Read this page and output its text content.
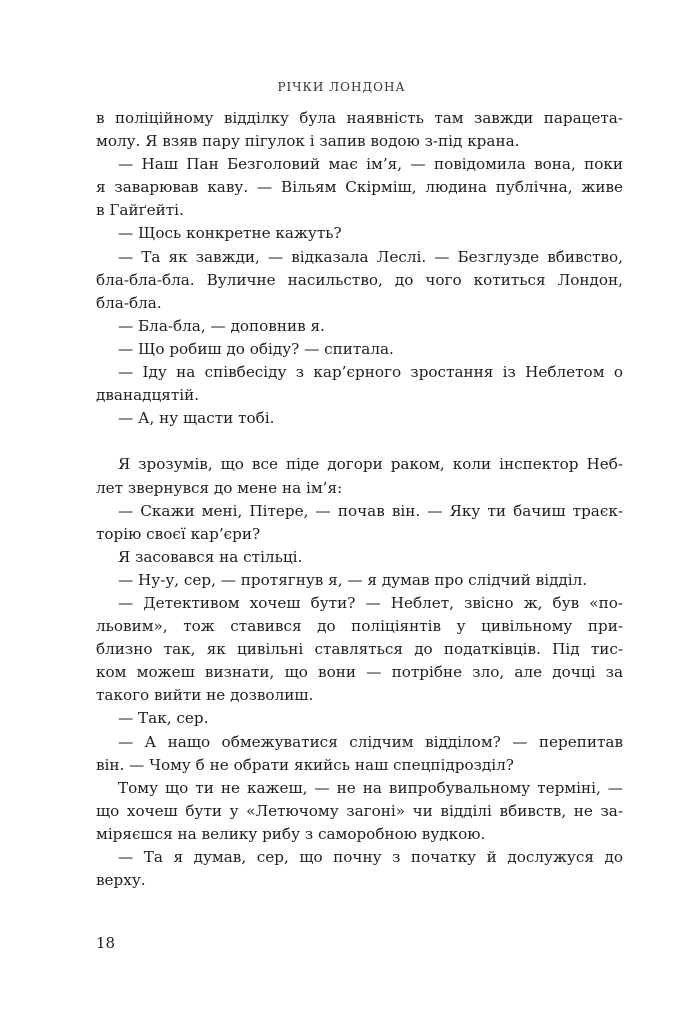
РІЧКИ ЛОНДОНА
в поліційному відділку була наявність там завжди парацета-
молу. Я взяв пару пігулок і запив водою з-під крана.
— Наш Пан Безголовий має ім’я, — повідомила вона, поки
я заварював каву. — Вільям Скірміш, людина публічна, живе
в Гайґейті.
— Щось конкретне кажуть?
— Та як завжди, — відказала Леслі. — Безглузде вбивство,
бла-бла-бла. Вуличне насильство, до чого котиться Лондон,
бла-бла.
— Бла-бла, — доповнив я.
— Що робиш до обіду? — спитала.
— Іду на співбесіду з кар’єрного зростання із Неблетом о
дванадцятій.
— А, ну щасти тобі.
Я зрозумів, що все піде догори раком, коли інспектор Неб-
лет звернувся до мене на ім’я:
— Скажи мені, Пітере, — почав він. — Яку ти бачиш траєк-
торію своєї кар’єри?
Я засовався на стільці.
— Ну-у, сер, — протягнув я, — я думав про слідчий відділ.
— Детективом хочеш бути? — Неблет, звісно ж, був «по-
льовим», тож ставився до поліціянтів у цивільному при-
близно так, як цивільні ставляться до податківців. Під тис-
ком можеш визнати, що вони — потрібне зло, але дочці за
такого вийти не дозволиш.
— Так, сер.
— А нащо обмежуватися слідчим відділом? — перепитав
він. — Чому б не обрати якийсь наш спецпідрозділ?
Тому що ти не кажеш, — не на випробувальному терміні, —
що хочеш бути у «Летючому загоні» чи відділі вбивств, не за-
міряєшся на велику рибу з саморобною вудкою.
— Та я думав, сер, що почну з початку й дослужуся до
верху.
18
